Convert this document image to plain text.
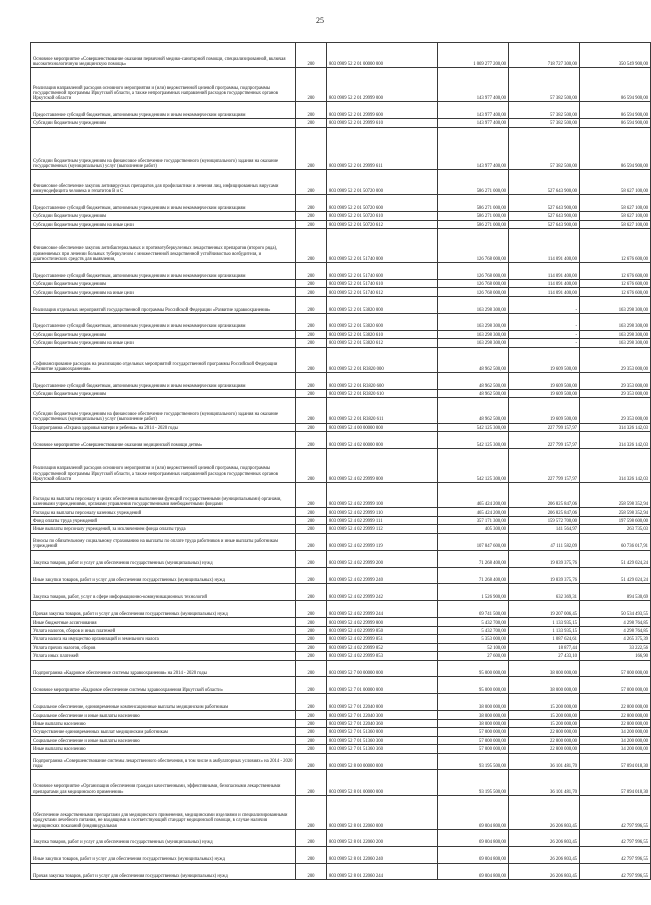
25
Основное мероприятие «Совершенствование оказания первичной медико-санитарной помощи, специализированной, включая высокотехнологичную медицинскую помощь»	200	803 0909 52 2 01 00000 000	1 069 277 200,00	718 727 300,00	350 549 900,00
Реализация направлений расходов основного мероприятия и (или) ведомственной целевой программы, подпрограммы государственной программы Иркутской области, а также непрограммных направлений расходов государственных органов Иркутской области	200	803 0909 52 2 01 29999 000	143 977 400,00	57 382 500,00	86 594 900,00
Предоставление субсидий бюджетным, автономным учреждениям и иным некоммерческим организациям	200	803 0909 52 2 01 29999 600	143 977 400,00	57 382 500,00	86 594 900,00
Субсидии бюджетным учреждениям	200	803 0909 52 2 01 29999 610	143 977 400,00	57 382 500,00	86 594 900,00
Субсидии бюджетным учреждениям на финансовое обеспечение государственного (муниципального) задания на оказание государственных (муниципальных) услуг (выполнение работ)	200	803 0909 52 2 01 29999 611	143 977 400,00	57 382 500,00	86 594 900,00
Финансовое обеспечение закупок антивирусных препаратов для профилактики и лечения лиц, инфицированных вирусами иммунодефицита человека и гепатитов B и C	200	803 0909 52 2 01 50720 000	586 271 000,00	527 643 900,00	58 627 100,00
Предоставление субсидий бюджетным, автономным учреждениям и иным некоммерческим организациям	200	803 0909 52 2 01 50720 600	586 271 000,00	527 643 900,00	58 627 100,00
Субсидии бюджетным учреждениям	200	803 0909 52 2 01 50720 610	586 271 000,00	527 643 900,00	58 627 100,00
Субсидии бюджетным учреждениям на иные цели	200	803 0909 52 2 01 50720 612	586 271 000,00	527 643 900,00	58 627 100,00
Финансовое обеспечение закупок антибактериальных и противотуберкулезных лекарственных препаратов (второго ряда), применяемых при лечении больных туберкулезом с множественной лекарственной устойчивостью возбудителя, и диагностических средств для выявления,	200	803 0909 52 2 01 51740 000	126 768 000,00	114 091 400,00	12 676 600,00
Предоставление субсидий бюджетным, автономным учреждениям и иным некоммерческим организациям	200	803 0909 52 2 01 51740 600	126 768 000,00	114 091 400,00	12 676 600,00
Субсидии бюджетным учреждениям	200	803 0909 52 2 01 51740 610	126 768 000,00	114 091 400,00	12 676 600,00
Субсидии бюджетным учреждениям на иные цели	200	803 0909 52 2 01 51740 612	126 768 000,00	114 091 400,00	12 676 600,00
Реализация отдельных мероприятий государственной программы Российской Федерации «Развитие здравоохранения»	200	803 0909 52 2 01 53820 000	163 298 300,00	-	163 298 300,00
Предоставление субсидий бюджетным, автономным учреждениям и иным некоммерческим организациям	200	803 0909 52 2 01 53820 600	163 298 300,00	-	163 298 300,00
Субсидии бюджетным учреждениям	200	803 0909 52 2 01 53820 610	163 298 300,00	-	163 298 300,00
Субсидии бюджетным учреждениям на иные цели	200	803 0909 52 2 01 53820 612	163 298 300,00	-	163 298 300,00
Софинансирование расходов на реализацию отдельных мероприятий государственной программы Российской Федерации «Развитие здравоохранения»	200	803 0909 52 2 01 R3820 000	48 962 500,00	19 609 500,00	29 353 000,00
Предоставление субсидий бюджетным, автономным учреждениям и иным некоммерческим организациям	200	803 0909 52 2 01 R3820 600	48 962 500,00	19 609 500,00	29 353 000,00
Субсидии бюджетным учреждениям	200	803 0909 52 2 01 R3820 610	48 962 500,00	19 609 500,00	29 353 000,00
Субсидии бюджетным учреждениям на финансовое обеспечение государственного (муниципального) задания на оказание государственных (муниципальных) услуг (выполнение работ)	200	803 0909 52 2 01 R3820 611	48 962 500,00	19 609 500,00	29 353 000,00
Подпрограмма «Охрана здоровья матери и ребенка» на 2014 - 2020 годы	200	803 0909 52 4 00 00000 000	542 125 300,00	227 799 157,97	314 326 142,03
Основное мероприятие «Совершенствование оказания медицинской помощи детям»	200	803 0909 52 4 02 00000 000	542 125 300,00	227 799 157,97	314 326 142,03
Реализация направлений расходов основного мероприятия и (или) ведомственной целевой программы, подпрограммы государственной программы Иркутской области, а также непрограммных направлений расходов государственных органов Иркутской области	200	803 0909 52 4 02 29999 000	542 125 300,00	227 799 157,97	314 326 142,03
Расходы на выплаты персоналу в целях обеспечения выполнения функций государственными (муниципальными) органами, казенными учреждениями, органами управления государственными внебюджетными фондами	200	803 0909 52 4 02 29999 100	465 424 200,00	206 825 847,06	258 598 352,94
Расходы на выплаты персоналу казенных учреждений	200	803 0909 52 4 02 29999 110	465 424 200,00	206 825 847,06	258 598 352,94
Фонд оплаты труда учреждений	200	803 0909 52 4 02 29999 111	357 171 300,00	159 572 700,00	197 598 600,00
Иные выплаты персоналу учреждений, за исключением фонда оплаты труда	200	803 0909 52 4 02 29999 112	405 300,00	141 564,97	263 735,03
Взносы по обязательному социальному страхованию на выплаты по оплате труда работников и иные выплаты работникам учреждений	200	803 0909 52 4 02 29999 119	107 847 600,00	47 111 582,09	60 736 017,91
Закупка товаров, работ и услуг для обеспечения государственных (муниципальных) нужд	200	803 0909 52 4 02 29999 200	71 268 400,00	19 839 375,76	51 429 024,24
Иные закупки товаров, работ и услуг для обеспечения государственных (муниципальных) нужд	200	803 0909 52 4 02 29999 240	71 268 400,00	19 839 375,76	51 429 024,24
Закупка товаров, работ, услуг в сфере информационно-коммуникационных технологий	200	803 0909 52 4 02 29999 242	1 526 900,00	632 369,31	894 530,69
Прочая закупка товаров, работ и услуг для обеспечения государственных (муниципальных) нужд	200	803 0909 52 4 02 29999 244	69 741 500,00	19 207 006,45	50 534 493,55
Иные бюджетные ассигнования	200	803 0909 52 4 02 29999 800	5 432 700,00	1 133 935,15	4 298 764,85
Уплата налогов, сборов и иных платежей	200	803 0909 52 4 02 29999 850	5 432 700,00	1 133 935,15	4 298 764,85
Уплата налога на имущество организаций и земельного налога	200	803 0909 52 4 02 29999 851	5 353 000,00	1 087 624,61	4 265 375,39
Уплата прочих налогов, сборов	200	803 0909 52 4 02 29999 852	52 100,00	18 877,44	33 222,56
Уплата иных платежей	200	803 0909 52 4 02 29999 853	27 600,00	27 433,10	166,90
Подпрограмма «Кадровое обеспечение системы здравоохранения» на 2014 - 2020 годы	200	803 0909 52 7 00 00000 000	95 000 000,00	38 000 000,00	57 000 000,00
Основное мероприятие «Кадровое обеспечение системы здравоохранения Иркутской области»	200	803 0909 52 7 01 00000 000	95 000 000,00	38 000 000,00	57 000 000,00
Социальное обеспечение, единовременные компенсационные выплаты медицинским работникам	200	803 0909 52 7 01 22040 000	38 000 000,00	15 200 000,00	22 800 000,00
Социальное обеспечение и иные выплаты населению	200	803 0909 52 7 01 22040 300	38 000 000,00	15 200 000,00	22 800 000,00
Иные выплаты населению	200	803 0909 52 7 01 22040 360	38 000 000,00	15 200 000,00	22 800 000,00
Осуществление единовременных выплат медицинским работникам	200	803 0909 52 7 01 51360 000	57 000 000,00	22 800 000,00	34 200 000,00
Социальное обеспечение и иные выплаты населению	200	803 0909 52 7 01 51360 300	57 000 000,00	22 800 000,00	34 200 000,00
Иные выплаты населению	200	803 0909 52 7 01 51360 360	57 000 000,00	22 800 000,00	34 200 000,00
Подпрограмма «Совершенствование системы лекарственного обеспечения, в том числе в амбулаторных условиях» на 2014 - 2020 годы	200	803 0909 52 8 00 00000 000	93 195 500,00	36 101 481,70	57 094 018,30
Основное мероприятие «Организация обеспечения граждан качественными, эффективными, безопасными лекарственными препаратами для медицинского применения»	200	803 0909 52 8 01 00000 000	93 195 500,00	36 101 481,70	57 094 018,30
Обеспечение лекарственными препаратами для медицинского применения, медицинскими изделиями и специализированными продуктами лечебного питания, не входящими в соответствующий стандарт медицинской помощи, в случае наличия медицинских показаний (индивидуальная	200	803 0909 52 8 01 22060 000	69 004 800,00	26 206 803,45	42 797 996,55
Закупка товаров, работ и услуг для обеспечения государственных (муниципальных) нужд	200	803 0909 52 8 01 22060 200	69 004 800,00	26 206 803,45	42 797 996,55
Иные закупки товаров, работ и услуг для обеспечения государственных (муниципальных) нужд	200	803 0909 52 8 01 22060 240	69 004 800,00	26 206 803,45	42 797 996,55
Прочая закупка товаров, работ и услуг для обеспечения государственных (муниципальных) нужд	200	803 0909 52 8 01 22060 244	69 004 800,00	26 206 803,45	42 797 996,55
